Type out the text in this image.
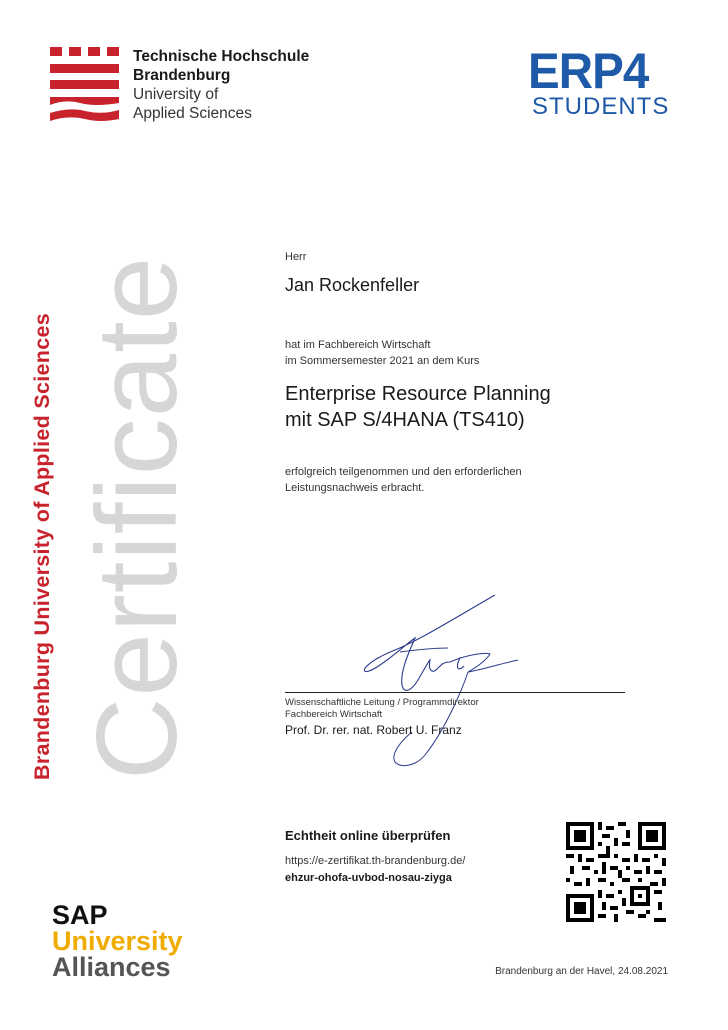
Technische Hochschule
Brandenburg
University of
Applied Sciences
ERP4
STUDENTS
Brandenburg University of Applied Sciences Certificate	Herr
Jan Rockenfeller
hat im Fachbereich Wirtschaft
im Sommersemester 2021 an dem Kurs
Enterprise Resource Planning
mit SAP S/4HANA (TS410)
erfolgreich teilgenommen und den erforderlichen
Leistungsnachweis erbracht.
Wissenschaftliche Leitung / Programmdirektor
Fachbereich Wirtschaft
Prof. Dr. rer. nat. Robert U. Franz
Echtheit online überprüfen
https://e-zertifikat.th-brandenburg.de/
ehzur-ohofa-uvbod-nosau-ziyga
SAP
University
Alliances	Brandenburg an der Havel, 24.08.2021
